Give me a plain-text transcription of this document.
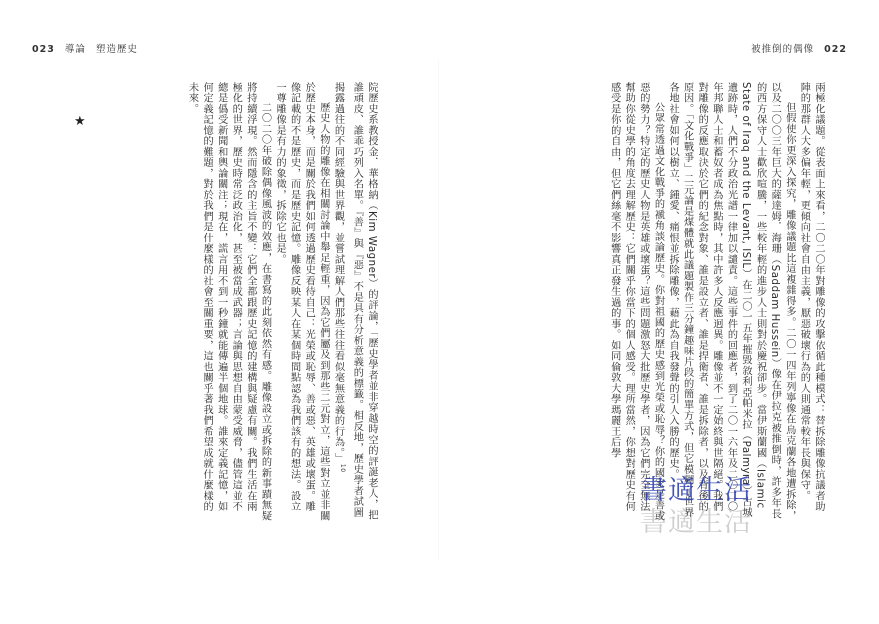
023 導論 塑造歷史	被推倒的偶像 022

兩極化議題。從表面上來看，二〇二〇年對雕像的攻擊依循此種模式：替拆除雕像抗議者助陣的那群人大多偏年輕，更傾向社會自由主義，厭惡破壞行為的人則通常較年長與保守。

但假使你更深入探究，雕像議題比這複雜得多。二〇一四年列寧像在烏克蘭各地遭拆除，以及二〇〇三年巨大的薩達姆．海珊（Saddam Hussein）像在伊拉克被推倒時，許多年長的西方保守人士歡欣喧騰，一些較年輕的進步人士則對於慶祝卻步。當伊斯蘭國（Islamic State of Iraq and the Levant, ISIL）在二〇一五年摧毀敘利亞帕米拉（Palmyra）古城遺跡時，人們不分政治光譜一律加以譴責。這些事件的回應者，到了二〇一六年及二〇二〇年邦聯人士和蓄奴者成為焦點時，其中許多人反應迥異。雕像並不一定始終與世隔絕。我們對雕像的反應取決於它們的紀念對象、誰是設立者、誰是捍衛者、誰是拆除者，以及背後的原因。「文化戰爭」二元論是煤體就此議題製作三分鐘趣味片段的簡單方式，但它模糊了世界各地社會如何以樹立、鍾愛、痛恨並拆除雕像，藉此為自我發聲的引人入勝的歷史。

公眾常透過文化戰爭的褫角談論歷史。你對祖國的歷史感到光榮或恥辱？你的國家是善或惡的勢力？特定的歷史人物是英雄或壞蛋？這些問題激怒大批歷史學者，因為它們完全無法幫助你從史學的角度去理解歷史：它們關乎你當下的個人感受。理所當然，你想對歷史有何感受是你的自由，但它們絲毫不影響真正發生過的事。如同倫敦大學瑪麗王后學

院歷史系教授金．華格納（Kim Wagner）的評論，「歷史學者並非穿越時空的評誕老人，把誰頑皮、誰乖巧列入名單。『善』與『惡』不是具有分析意義的標籤。相反地，歷史學者試圖揭露過往的不同經驗與世界觀，並嘗試理解人們那些往往看似毫無意義的行為。」$^{10}$

歷史人物的雕像在相關討論中舉足輕重，因為它們屬及到那些二元對立，這些對立並非關於歷史本身，而是關於我們如何透過歷史看待自己：光榮或恥辱、善或惡、英雄或壞蛋。雕像記載的不是歷史，而是歷史記憶。雕像反映某人在某個時間點認為我們該有的想法。設立一尊雕像是有力的象徵，拆除它也是。

二〇二〇年破除偶像風波的效應，在書寫的此刻依然有感。雕像設立或拆除的新事蹟無疑將持續浮現。然而隱含的主旨不變：它們全都跟歷史記憶的建構與疑慮有關。我們生活在兩極化的世界，歷史時常泛政治化，甚至被當成武器；言論與思想自由蒙受威脅，儘管這並不總是僞受新聞和輿論關注；現在，謊言用不到一秒鐘就能傳遍半個地球。誰來定義記憶，如何定義記憶的難題，對於我們是什麼樣的社會至關重要，這也關乎著我們希望成就什麼樣的未來。

★
書適生活
書適生活
